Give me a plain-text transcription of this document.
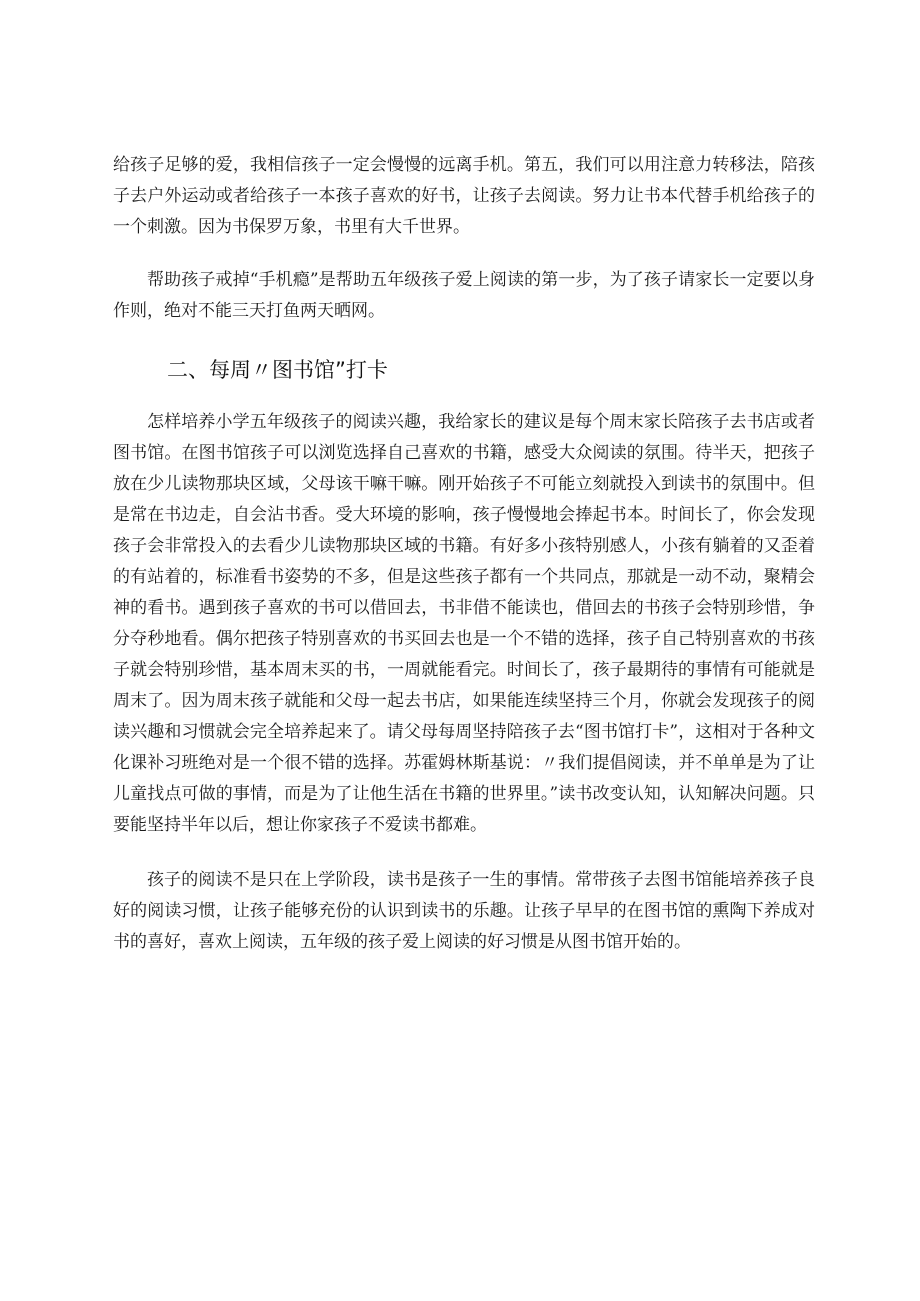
给孩子足够的爱，我相信孩子一定会慢慢的远离手机。第五，我们可以用注意力转移法，陪孩子去户外运动或者给孩子一本孩子喜欢的好书，让孩子去阅读。努力让书本代替手机给孩子的一个刺激。因为书保罗万象，书里有大千世界。

帮助孩子戒掉“手机瘾”是帮助五年级孩子爱上阅读的第一步，为了孩子请家长一定要以身作则，绝对不能三天打鱼两天晒网。

二、每周〃图书馆”打卡

怎样培养小学五年级孩子的阅读兴趣，我给家长的建议是每个周末家长陪孩子去书店或者图书馆。在图书馆孩子可以浏览选择自己喜欢的书籍，感受大众阅读的氛围。待半天，把孩子放在少儿读物那块区域，父母该干嘛干嘛。刚开始孩子不可能立刻就投入到读书的氛围中。但是常在书边走，自会沾书香。受大环境的影响，孩子慢慢地会捧起书本。时间长了，你会发现孩子会非常投入的去看少儿读物那块区域的书籍。有好多小孩特别感人，小孩有躺着的又歪着的有站着的，标准看书姿势的不多，但是这些孩子都有一个共同点，那就是一动不动，聚精会神的看书。遇到孩子喜欢的书可以借回去，书非借不能读也，借回去的书孩子会特别珍惜，争分夺秒地看。偶尔把孩子特别喜欢的书买回去也是一个不错的选择，孩子自己特别喜欢的书孩子就会特别珍惜，基本周末买的书，一周就能看完。时间长了，孩子最期待的事情有可能就是周末了。因为周末孩子就能和父母一起去书店，如果能连续坚持三个月，你就会发现孩子的阅读兴趣和习惯就会完全培养起来了。请父母每周坚持陪孩子去“图书馆打卡”，这相对于各种文化课补习班绝对是一个很不错的选择。苏霍姆林斯基说：〃我们提倡阅读，并不单单是为了让儿童找点可做的事情，而是为了让他生活在书籍的世界里。”读书改变认知，认知解决问题。只要能坚持半年以后，想让你家孩子不爱读书都难。

孩子的阅读不是只在上学阶段，读书是孩子一生的事情。常带孩子去图书馆能培养孩子良好的阅读习惯，让孩子能够充份的认识到读书的乐趣。让孩子早早的在图书馆的熏陶下养成对书的喜好，喜欢上阅读，五年级的孩子爱上阅读的好习惯是从图书馆开始的。
